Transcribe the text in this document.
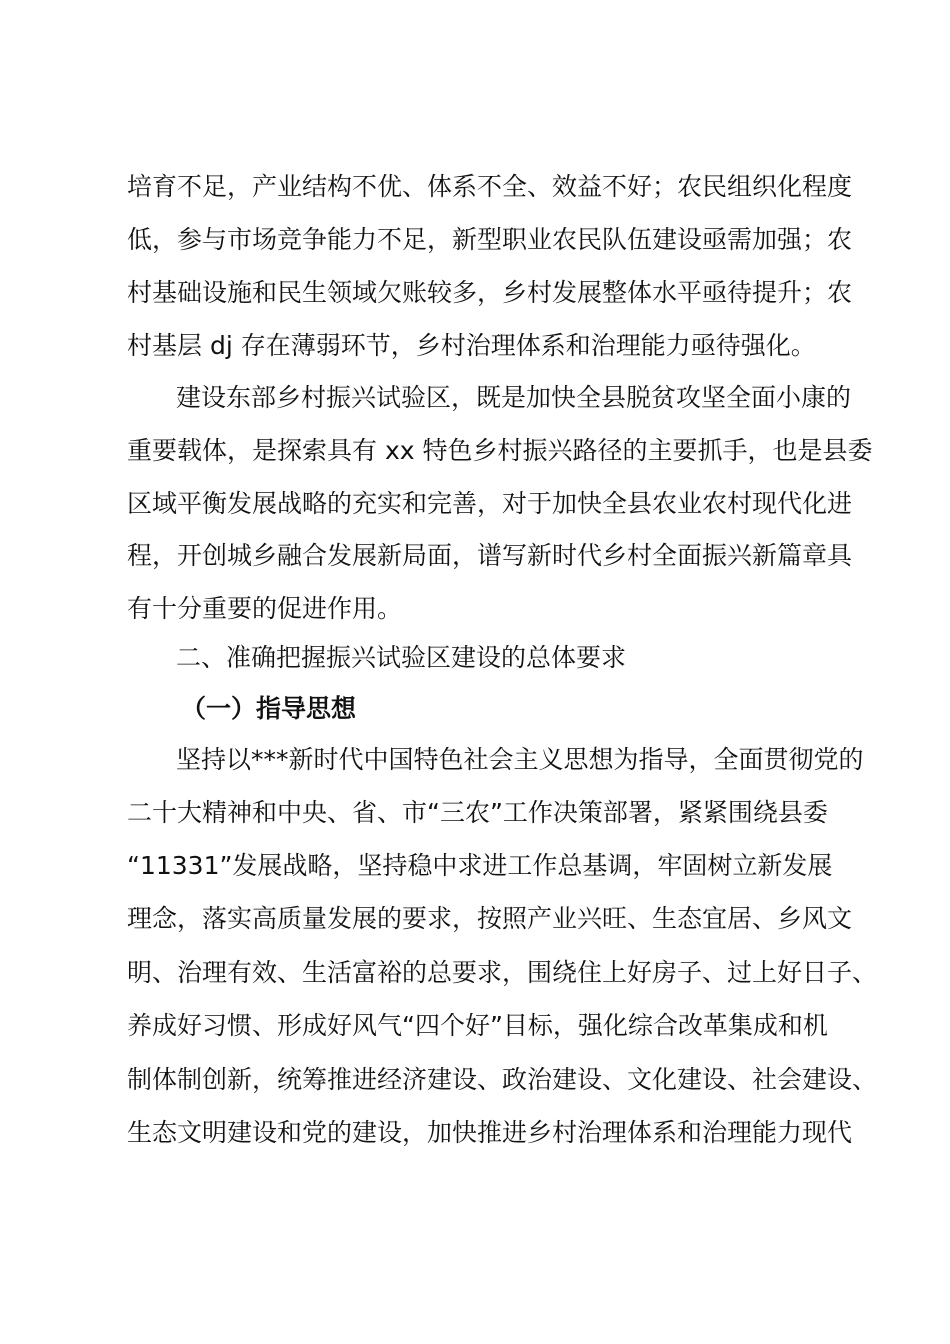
培育不足，产业结构不优、体系不全、效益不好；农民组织化程度
低，参与市场竞争能力不足，新型职业农民队伍建设亟需加强；农
村基础设施和民生领域欠账较多，乡村发展整体水平亟待提升；农
村基层 dj 存在薄弱环节，乡村治理体系和治理能力亟待强化。
建设东部乡村振兴试验区，既是加快全县脱贫攻坚全面小康的
重要载体，是探索具有 xx 特色乡村振兴路径的主要抓手，也是县委
区域平衡发展战略的充实和完善，对于加快全县农业农村现代化进
程，开创城乡融合发展新局面，谱写新时代乡村全面振兴新篇章具
有十分重要的促进作用。
二、准确把握振兴试验区建设的总体要求
（一）指导思想
坚持以***新时代中国特色社会主义思想为指导，全面贯彻党的
二十大精神和中央、省、市“三农”工作决策部署，紧紧围绕县委
“11331”发展战略，坚持稳中求进工作总基调，牢固树立新发展
理念，落实高质量发展的要求，按照产业兴旺、生态宜居、乡风文
明、治理有效、生活富裕的总要求，围绕住上好房子、过上好日子、
养成好习惯、形成好风气“四个好”目标，强化综合改革集成和机
制体制创新，统筹推进经济建设、政治建设、文化建设、社会建设、
生态文明建设和党的建设，加快推进乡村治理体系和治理能力现代
